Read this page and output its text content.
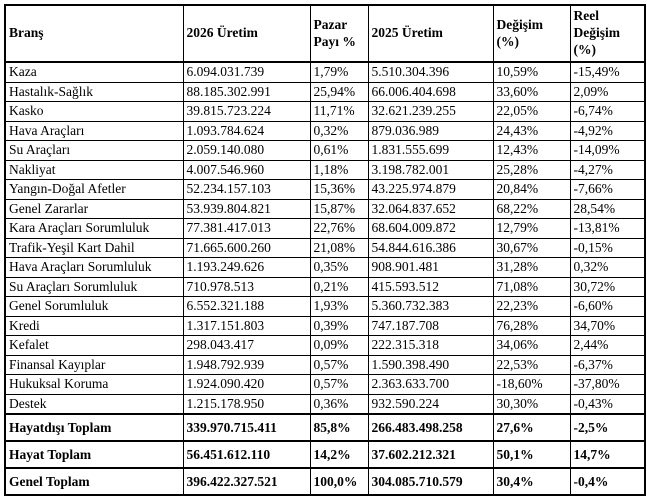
Branş	2026 Üretim	Pazar Payı %	2025 Üretim	Değişim (%)	Reel Değişim (%)
Kaza	6.094.031.739	1,79%	5.510.304.396	10,59%	-15,49%
Hastalık-Sağlık	88.185.302.991	25,94%	66.006.404.698	33,60%	2,09%
Kasko	39.815.723.224	11,71%	32.621.239.255	22,05%	-6,74%
Hava Araçları	1.093.784.624	0,32%	879.036.989	24,43%	-4,92%
Su Araçları	2.059.140.080	0,61%	1.831.555.699	12,43%	-14,09%
Nakliyat	4.007.546.960	1,18%	3.198.782.001	25,28%	-4,27%
Yangın-Doğal Afetler	52.234.157.103	15,36%	43.225.974.879	20,84%	-7,66%
Genel Zararlar	53.939.804.821	15,87%	32.064.837.652	68,22%	28,54%
Kara Araçları Sorumluluk	77.381.417.013	22,76%	68.604.009.872	12,79%	-13,81%
Trafik-Yeşil Kart Dahil	71.665.600.260	21,08%	54.844.616.386	30,67%	-0,15%
Hava Araçları Sorumluluk	1.193.249.626	0,35%	908.901.481	31,28%	0,32%
Su Araçları Sorumluluk	710.978.513	0,21%	415.593.512	71,08%	30,72%
Genel Sorumluluk	6.552.321.188	1,93%	5.360.732.383	22,23%	-6,60%
Kredi	1.317.151.803	0,39%	747.187.708	76,28%	34,70%
Kefalet	298.043.417	0,09%	222.315.318	34,06%	2,44%
Finansal Kayıplar	1.948.792.939	0,57%	1.590.398.490	22,53%	-6,37%
Hukuksal Koruma	1.924.090.420	0,57%	2.363.633.700	-18,60%	-37,80%
Destek	1.215.178.950	0,36%	932.590.224	30,30%	-0,43%
Hayatdışı Toplam	339.970.715.411	85,8%	266.483.498.258	27,6%	-2,5%
Hayat Toplam	56.451.612.110	14,2%	37.602.212.321	50,1%	14,7%
Genel Toplam	396.422.327.521	100,0%	304.085.710.579	30,4%	-0,4%
